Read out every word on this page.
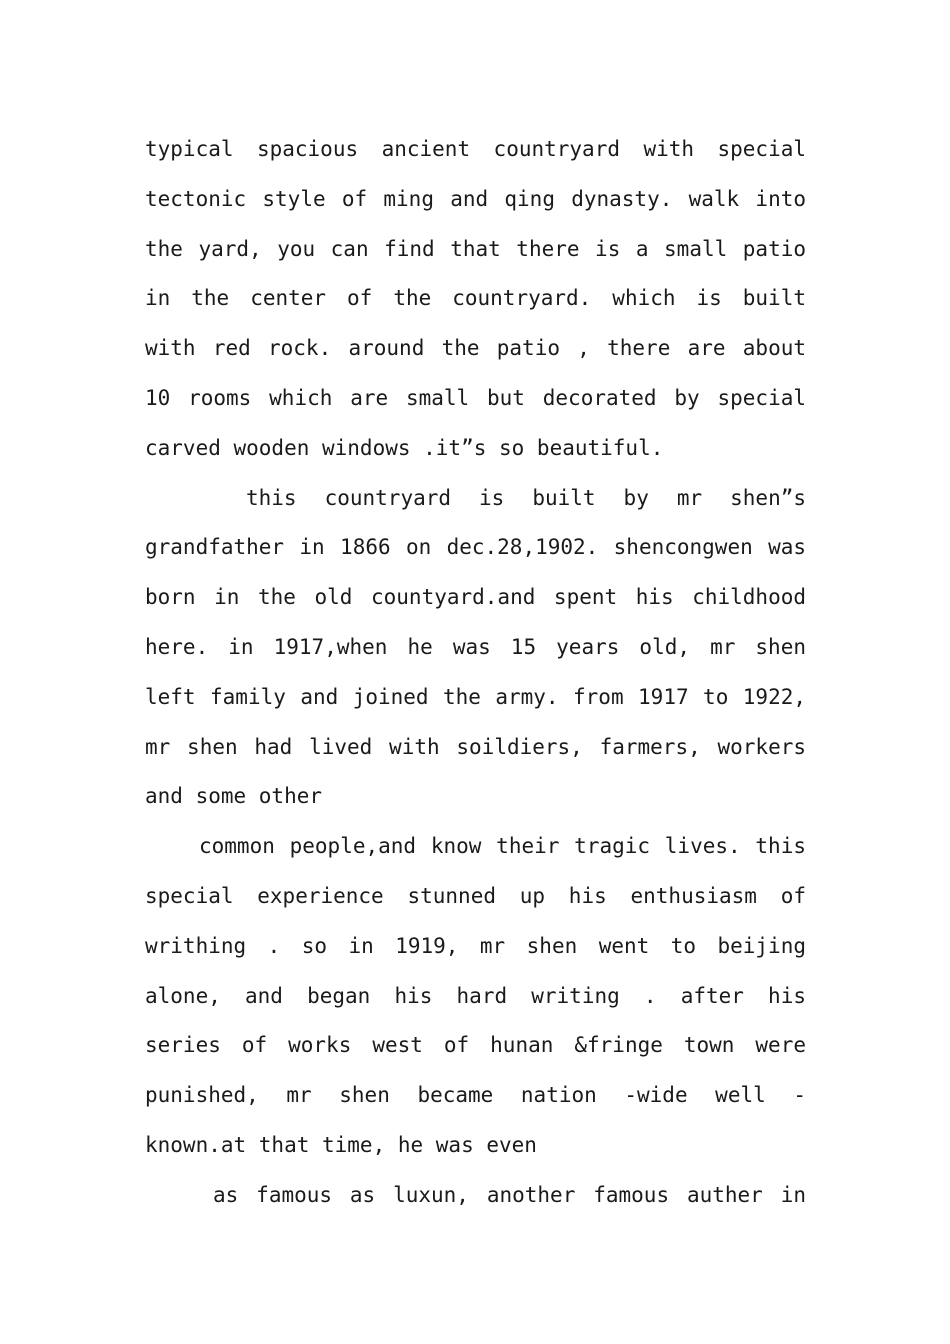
typical spacious ancient countryard with special
tectonic style of ming and qing dynasty. walk into
the yard, you can find that there is a small patio
in the center of the countryard. which is built
with red rock. around the patio , there are about
10 rooms which are small but decorated by special
carved wooden windows .it”s so beautiful.
this countryard is built by mr shen”s
grandfather in 1866 on dec.28,1902. shencongwen was
born in the old countyard.and spent his childhood
here. in 1917,when he was 15 years old, mr shen
left family and joined the army. from 1917 to 1922,
mr shen had lived with soildiers, farmers, workers
and some other
common people,and know their tragic lives. this
special experience stunned up his enthusiasm of
writhing . so in 1919, mr shen went to beijing
alone, and began his hard writing . after his
series of works west of hunan &fringe town were
punished, mr shen became nation -wide well -
known.at that time, he was even
as famous as luxun, another famous auther in
